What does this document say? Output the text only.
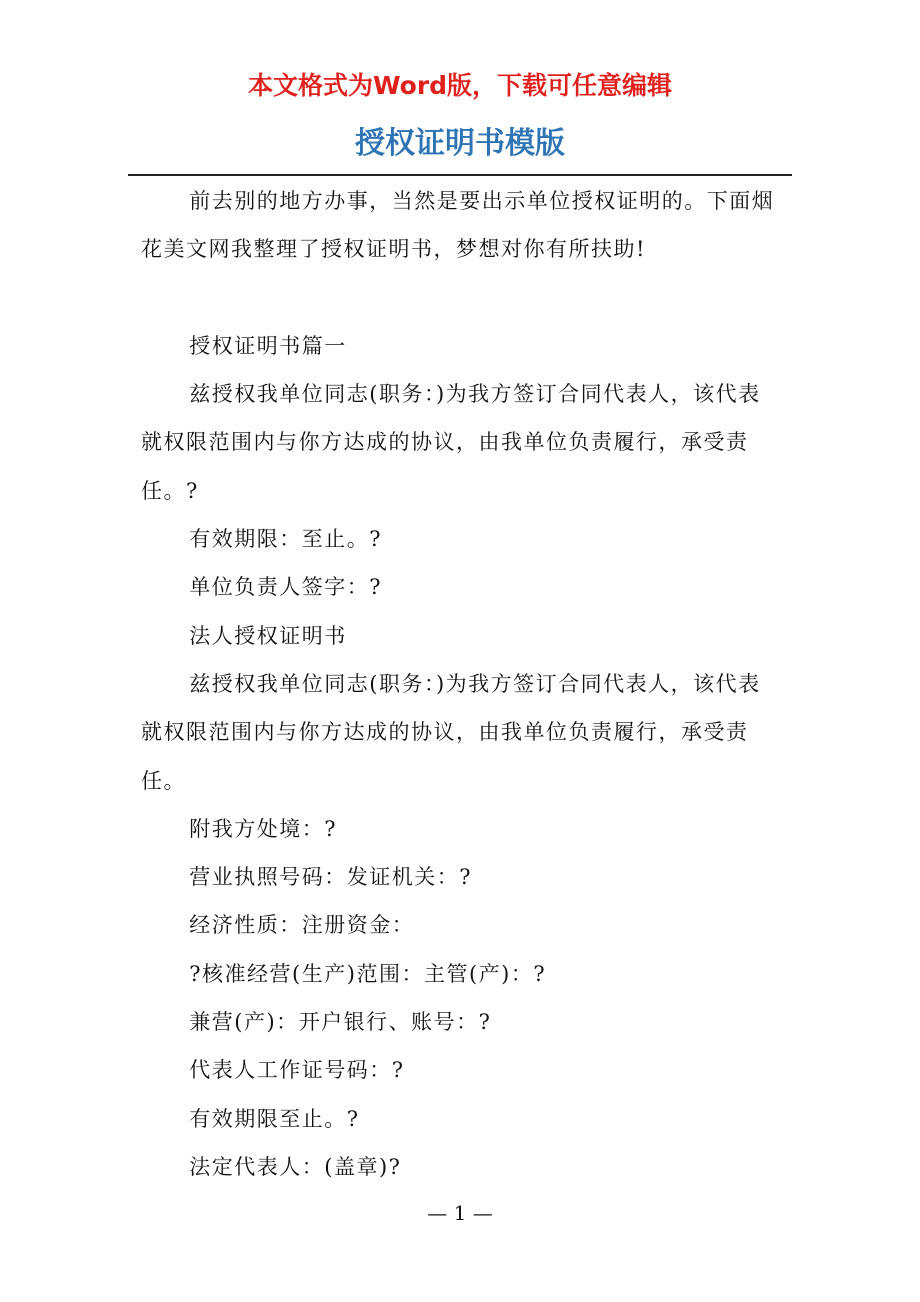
本文格式为Word版，下载可任意编辑
授权证明书模版

前去别的地方办事，当然是要出示单位授权证明的。下面烟花美文网我整理了授权证明书，梦想对你有所扶助!

授权证明书篇一

兹授权我单位同志(职务：)为我方签订合同代表人，该代表就权限范围内与你方达成的协议，由我单位负责履行，承受责任。?

有效期限：至止。?

单位负责人签字：?

法人授权证明书

兹授权我单位同志(职务：)为我方签订合同代表人，该代表就权限范围内与你方达成的协议，由我单位负责履行，承受责任。

附我方处境：?

营业执照号码：发证机关：?

经济性质：注册资金：

?核准经营(生产)范围：主管(产)：?

兼营(产)：开户银行、账号：?

代表人工作证号码：?

有效期限至止。?

法定代表人：(盖章)?

— 1 —
